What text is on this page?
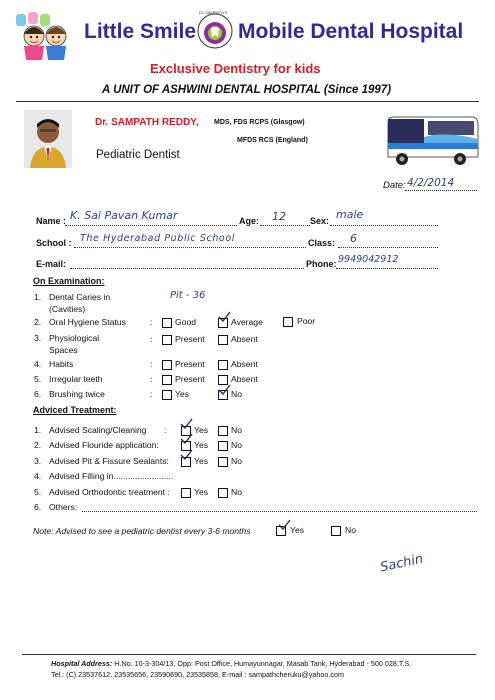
Little Smile
Dr. SAMPATH'S
Mobile Dental Hospital
Exclusive Dentistry for kids
A UNIT OF ASHWINI DENTAL HOSPITAL (Since 1997)
Dr. SAMPATH REDDY, MDS, FDS RCPS (Glasgow)
MFDS RCS (England)
Pediatric Dentist
Date: 4/2/2014
Name : K. Sai Pavan Kumar	Age: 12	Sex: male
School : The Hyderabad Public School	Class: 6
E-mail:	Phone: 9949042912
On Examination:
1. Dental Caries in
(Cavities)
Pit - 36
2. Oral Hygiene Status	:	Good	Average	Poor
3. Physiological
Spaces
:	Present	Absent
4. Habits	:	Present	Absent
5. Irregular teeth	:	Present	Absent
6. Brushing twice	:	Yes	No
Adviced Treatment:
1. Advised Scaling/Cleaning :	Yes	No
2. Advised Flouride application:	Yes	No
3. Advised Pit & Fissure Sealants:	Yes	No
4. Advised Filling in.........................
5. Advised Orthodontic treatment :	Yes	No
6. Others:
Note: Advised to see a pediatric dentist every 3-6 months	Yes	No
Sachin
Hospital Address: H.No. 10-3-304/13, Opp: Post Office, Humayunnagar, Masab Tank, Hyderabad - 500 028.T.S.
Tel.: (C) 23537612, 23535656, 23590690, 23535858, E-mail : sampathcheruku@yahoo.com
